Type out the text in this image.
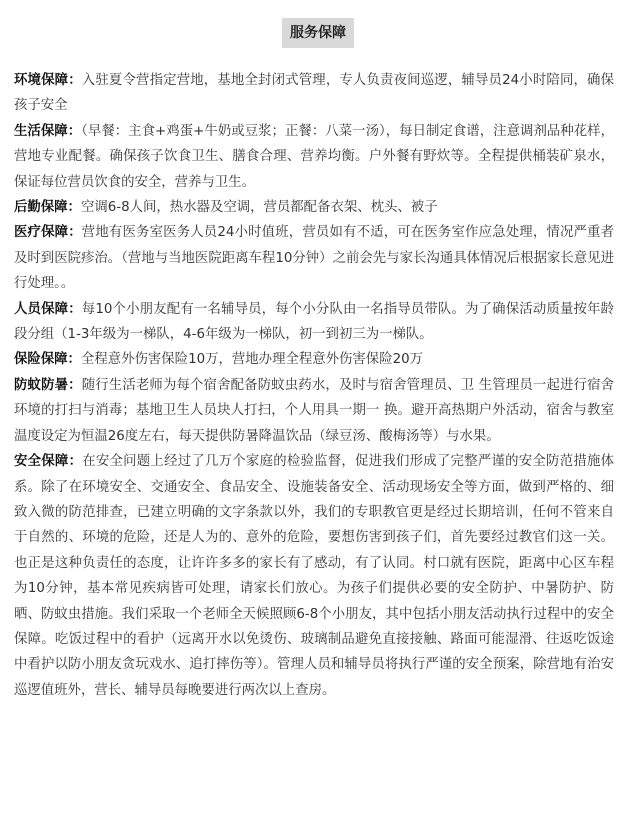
服务保障

环境保障：入驻夏令营指定营地，基地全封闭式管理，专人负责夜间巡逻，辅导员24小时陪同，确保孩子安全

生活保障：（早餐：主食+鸡蛋+牛奶或豆浆；正餐：八菜一汤），每日制定食谱，注意调剂品种花样，营地专业配餐。确保孩子饮食卫生、膳食合理、营养均衡。户外餐有野炊等。全程提供桶装矿泉水，保证每位营员饮食的安全，营养与卫生。

后勤保障：空调6-8人间，热水器及空调，营员都配备衣架、枕头、被子

医疗保障：营地有医务室医务人员24小时值班，营员如有不适，可在医务室作应急处理，情况严重者及时到医院疹治。（营地与当地医院距离车程10分钟）之前会先与家长沟通具体情况后根据家长意见进行处理。。

人员保障：每10个小朋友配有一名辅导员，每个小分队由一名指导员带队。为了确保活动质量按年龄段分组（1-3年级为一梯队，4-6年级为一梯队，初一到初三为一梯队。

保险保障：全程意外伤害保险10万，营地办理全程意外伤害保险20万

防蚊防暑：随行生活老师为每个宿舍配备防蚊虫药水，及时与宿舍管理员、卫 生管理员一起进行宿舍环境的打扫与消毒；基地卫生人员块人打扫，个人用具一期一 换。避开高热期户外活动，宿舍与教室温度设定为恒温26度左右，每天提供防暑降温饮品（绿豆汤、酸梅汤等）与水果。

安全保障：在安全问题上经过了几万个家庭的检验监督，促进我们形成了完整严谨的安全防范措施体系。除了在环境安全、交通安全、食品安全、设施装备安全、活动现场安全等方面，做到严格的、细致入微的防范排查，已建立明确的文字条款以外，我们的专职教官更是经过长期培训，任何不管来自于自然的、环境的危险，还是人为的、意外的危险，要想伤害到孩子们，首先要经过教官们这一关。也正是这种负责任的态度，让许许多多的家长有了感动，有了认同。村口就有医院，距离中心区车程为10分钟，基本常见疾病皆可处理，请家长们放心。为孩子们提供必要的安全防护、中暑防护、防晒、防蚊虫措施。我们采取一个老师全天候照顾6-8个小朋友，其中包括小朋友活动执行过程中的安全保障。吃饭过程中的看护（远离开水以免烫伤、玻璃制品避免直接接触、路面可能湿滑、往返吃饭途中看护以防小朋友贪玩戏水、追打摔伤等）。管理人员和辅导员将执行严谨的安全预案，除营地有治安巡逻值班外，营长、辅导员每晚要进行两次以上查房。
